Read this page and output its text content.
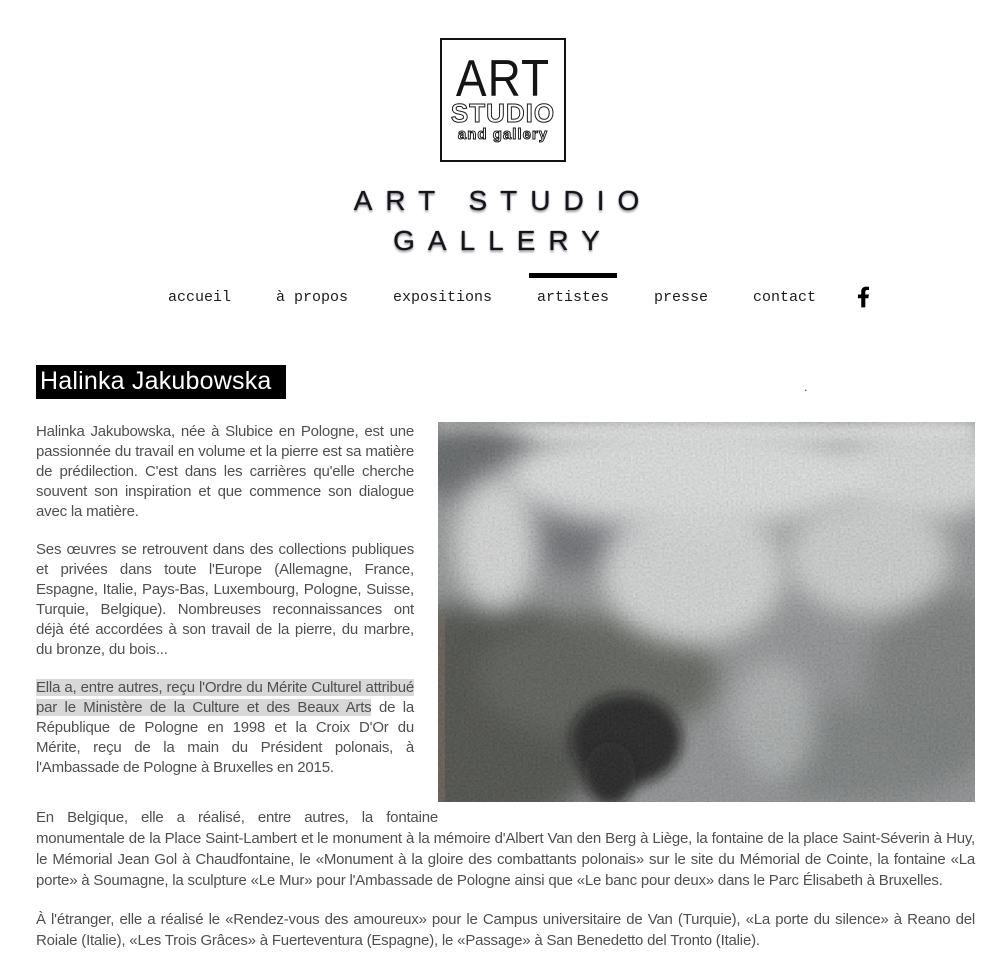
ART
STUDIO
and gallery
ART STUDIO
GALLERY
accueil	à propos	expositions	artistes	presse	contact
Halinka Jakubowska	.

Halinka Jakubowska, née à Slubice en Pologne, est une passionnée du travail en volume et la pierre est sa matière de prédilection. C'est dans les carrières qu'elle cherche souvent son inspiration et que commence son dialogue avec la matière.

Ses œuvres se retrouvent dans des collections publiques et privées dans toute l'Europe (Allemagne, France, Espagne, Italie, Pays-Bas, Luxembourg, Pologne, Suisse, Turquie, Belgique). Nombreuses reconnaissances ont déjà été accordées à son travail de la pierre, du marbre, du bronze, du bois...

Ella a, entre autres, reçu l'Ordre du Mérite Culturel attribué par le Ministère de la Culture et des Beaux Arts de la République de Pologne en 1998 et la Croix D'Or du Mérite, reçu de la main du Président polonais, à l'Ambassade de Pologne à Bruxelles en 2015.

En Belgique, elle a réalisé, entre autres, la fontaine monumentale de la Place Saint-Lambert et le monument à la mémoire d'Albert Van den Berg à Liège, la fontaine de la place Saint-Séverin à Huy, le Mémorial Jean Gol à Chaudfontaine, le «Monument à la gloire des combattants polonais» sur le site du Mémorial de Cointe, la fontaine «La porte» à Soumagne, la sculpture «Le Mur» pour l'Ambassade de Pologne ainsi que «Le banc pour deux» dans le Parc Élisabeth à Bruxelles.

À l'étranger, elle a réalisé le «Rendez-vous des amoureux» pour le Campus universitaire de Van (Turquie), «La porte du silence» à Reano del Roiale (Italie), «Les Trois Grâces» à Fuerteventura (Espagne), le «Passage» à San Benedetto del Tronto (Italie).
